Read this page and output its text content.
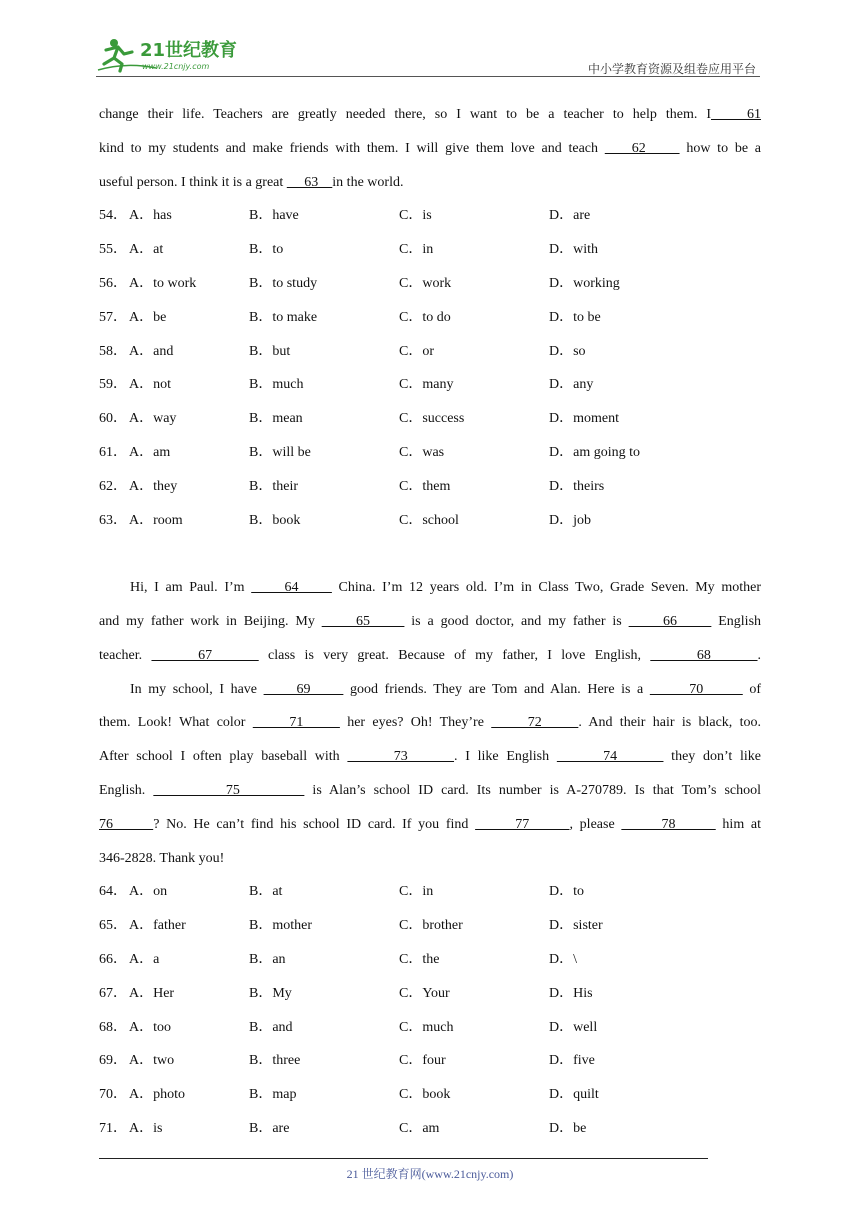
21世纪教育
www.21cnjy.com	中小学教育资源及组卷应用平台
change their life. Teachers are greatly needed there, so I want to be a teacher to help them. I    61
kind to my students and make friends with them. I will give them love and teach     62      how to be a
useful person. I think it is a great      63    in the world.
54． A．has	B．have	C．is	D．are
55． A．at	B．to	C．in	D．with
56． A．to work	B．to study	C．work	D．working
57． A．be	B．to make	C．to do	D．to be
58． A．and	B．but	C．or	D．so
59． A．not	B．much	C．many	D．any
60． A．way	B．mean	C．success	D．moment
61． A．am	B．will be	C．was	D．am going to
62． A．they	B．their	C．them	D．theirs
63． A．room	B．book	C．school	D．job
Hi, I am Paul. I’m      64      China. I’m 12 years old. I’m in Class Two, Grade Seven. My mother
and my father work in Beijing. My      65      is a good doctor, and my father is      66      English
teacher.      67      class is very great. Because of my father, I love English,      68     .
In my school, I have      69      good friends. They are Tom and Alan. Here is a       70       of
them. Look! What color      71      her eyes? Oh! They’re      72     . And their hair is black, too.
After school I often play baseball with       73      . I like English       74       they don’t like
English.          75         is Alan’s school ID card. Its number is A-270789. Is that Tom’s school
76      ? No. He can’t find his school ID card. If you find       77      , please       78       him at
346-2828. Thank you!
64． A．on	B．at	C．in	D．to
65． A．father	B．mother	C．brother	D．sister
66． A．a	B．an	C．the	D．\
67． A．Her	B．My	C．Your	D．His
68． A．too	B．and	C．much	D．well
69． A．two	B．three	C．four	D．five
70． A．photo	B．map	C．book	D．quilt
71． A．is	B．are	C．am	D．be
21 世纪教育网(www.21cnjy.com)
